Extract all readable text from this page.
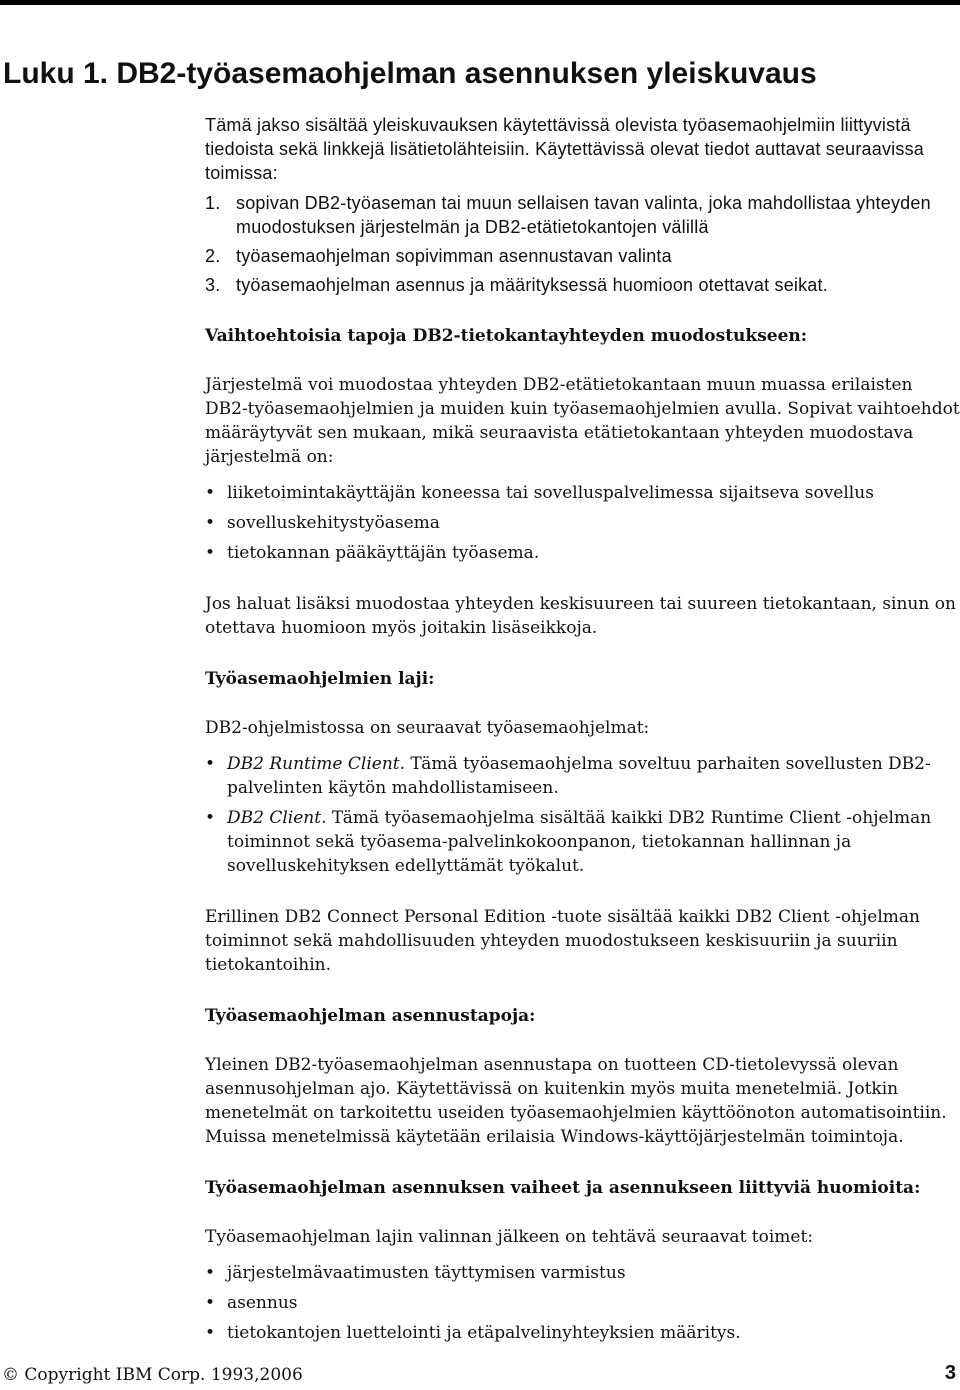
Luku 1. DB2-työasemaohjelman asennuksen yleiskuvaus

Tämä jakso sisältää yleiskuvauksen käytettävissä olevista työasemaohjelmiin liittyvistä tiedoista sekä linkkejä lisätietolähteisiin. Käytettävissä olevat tiedot auttavat seuraavissa toimissa:

1. sopivan DB2-työaseman tai muun sellaisen tavan valinta, joka mahdollistaa yhteyden muodostuksen järjestelmän ja DB2-etätietokantojen välillä
2. työasemaohjelman sopivimman asennustavan valinta
3. työasemaohjelman asennus ja määrityksessä huomioon otettavat seikat.
Vaihtoehtoisia tapoja DB2-tietokantayhteyden muodostukseen:

Järjestelmä voi muodostaa yhteyden DB2-etätietokantaan muun muassa erilaisten DB2-työasemaohjelmien ja muiden kuin työasemaohjelmien avulla. Sopivat vaihtoehdot määräytyvät sen mukaan, mikä seuraavista etätietokantaan yhteyden muodostava järjestelmä on:

• liiketoimintakäyttäjän koneessa tai sovelluspalvelimessa sijaitseva sovellus
• sovelluskehitystyöasema
• tietokannan pääkäyttäjän työasema.

Jos haluat lisäksi muodostaa yhteyden keskisuureen tai suureen tietokantaan, sinun on otettava huomioon myös joitakin lisäseikkoja.

Työasemaohjelmien laji:

DB2-ohjelmistossa on seuraavat työasemaohjelmat:

• DB2 Runtime Client. Tämä työasemaohjelma soveltuu parhaiten sovellusten DB2-palvelinten käytön mahdollistamiseen.
• DB2 Client. Tämä työasemaohjelma sisältää kaikki DB2 Runtime Client -ohjelman toiminnot sekä työasema-palvelinkokoonpanon, tietokannan hallinnan ja sovelluskehityksen edellyttämät työkalut.

Erillinen DB2 Connect Personal Edition -tuote sisältää kaikki DB2 Client -ohjelman toiminnot sekä mahdollisuuden yhteyden muodostukseen keskisuuriin ja suuriin tietokantoihin.

Työasemaohjelman asennustapoja:

Yleinen DB2-työasemaohjelman asennustapa on tuotteen CD-tietolevyssä olevan asennusohjelman ajo. Käytettävissä on kuitenkin myös muita menetelmiä. Jotkin menetelmät on tarkoitettu useiden työasemaohjelmien käyttöönoton automatisointiin. Muissa menetelmissä käytetään erilaisia Windows-käyttöjärjestelmän toimintoja.

Työasemaohjelman asennuksen vaiheet ja asennukseen liittyviä huomioita:

Työasemaohjelman lajin valinnan jälkeen on tehtävä seuraavat toimet:

• järjestelmävaatimusten täyttymisen varmistus
• asennus
• tietokantojen luettelointi ja etäpalvelinyhteyksien määritys.
© Copyright IBM Corp. 1993,2006	3
